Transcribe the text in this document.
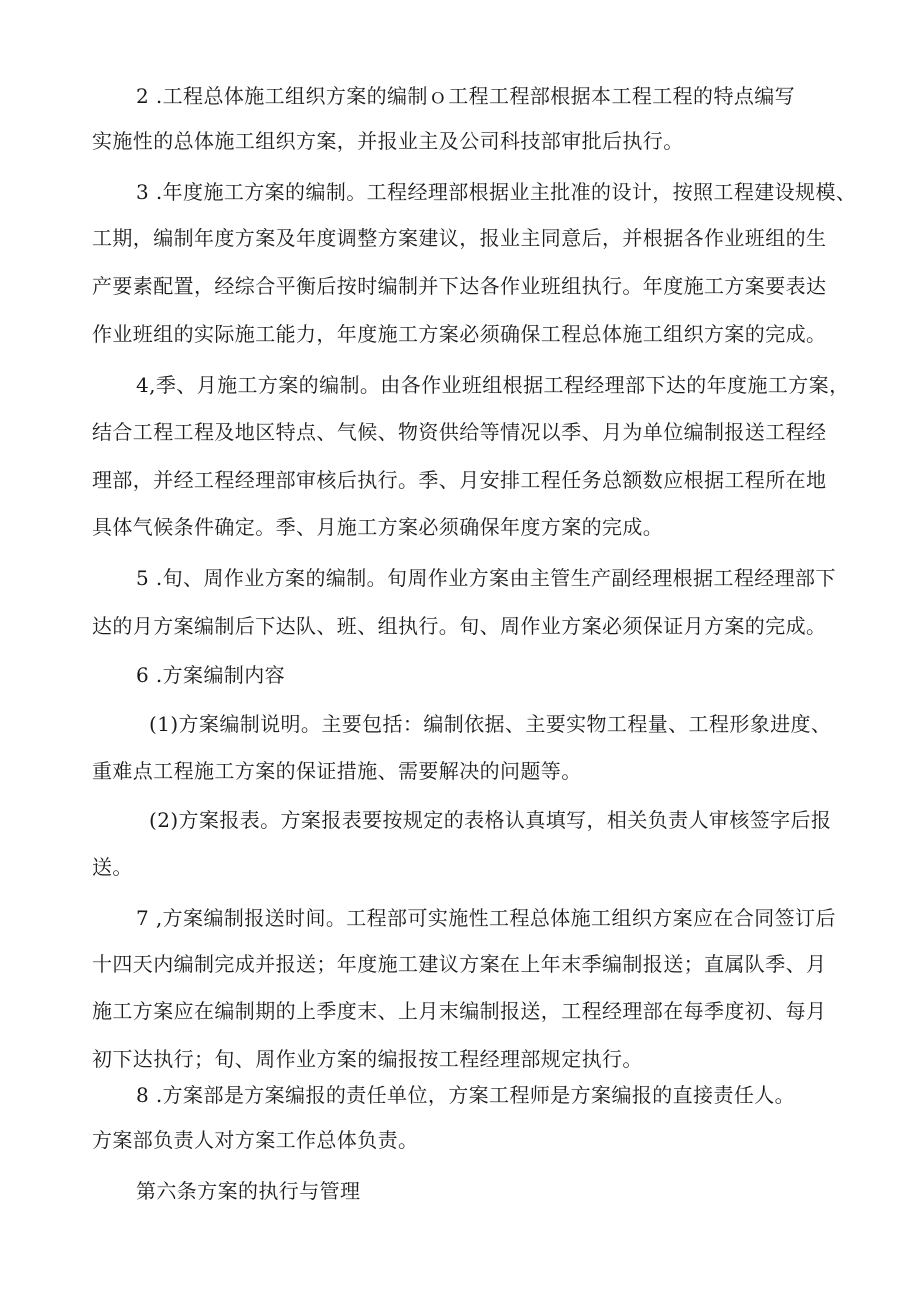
2 .工程总体施工组织方案的编制ｏ工程工程部根据本工程工程的特点编写
实施性的总体施工组织方案，并报业主及公司科技部审批后执行。
3 .年度施工方案的编制。工程经理部根据业主批准的设计，按照工程建设规模、
工期，编制年度方案及年度调整方案建议，报业主同意后，并根据各作业班组的生
产要素配置，经综合平衡后按时编制并下达各作业班组执行。年度施工方案要表达
作业班组的实际施工能力，年度施工方案必须确保工程总体施工组织方案的完成。
4,季、月施工方案的编制。由各作业班组根据工程经理部下达的年度施工方案，
结合工程工程及地区特点、气候、物资供给等情况以季、月为单位编制报送工程经
理部，并经工程经理部审核后执行。季、月安排工程任务总额数应根据工程所在地
具体气候条件确定。季、月施工方案必须确保年度方案的完成。
5 .旬、周作业方案的编制。旬周作业方案由主管生产副经理根据工程经理部下
达的月方案编制后下达队、班、组执行。旬、周作业方案必须保证月方案的完成。
6 .方案编制内容
(1)方案编制说明。主要包括：编制依据、主要实物工程量、工程形象进度、
重难点工程施工方案的保证措施、需要解决的问题等。
(2)方案报表。方案报表要按规定的表格认真填写，相关负责人审核签字后报
送。
7 ,方案编制报送时间。工程部可实施性工程总体施工组织方案应在合同签订后
十四天内编制完成并报送；年度施工建议方案在上年末季编制报送；直属队季、月
施工方案应在编制期的上季度末、上月末编制报送，工程经理部在每季度初、每月
初下达执行；旬、周作业方案的编报按工程经理部规定执行。
8 .方案部是方案编报的责任单位，方案工程师是方案编报的直接责任人。
方案部负责人对方案工作总体负责。
第六条方案的执行与管理
